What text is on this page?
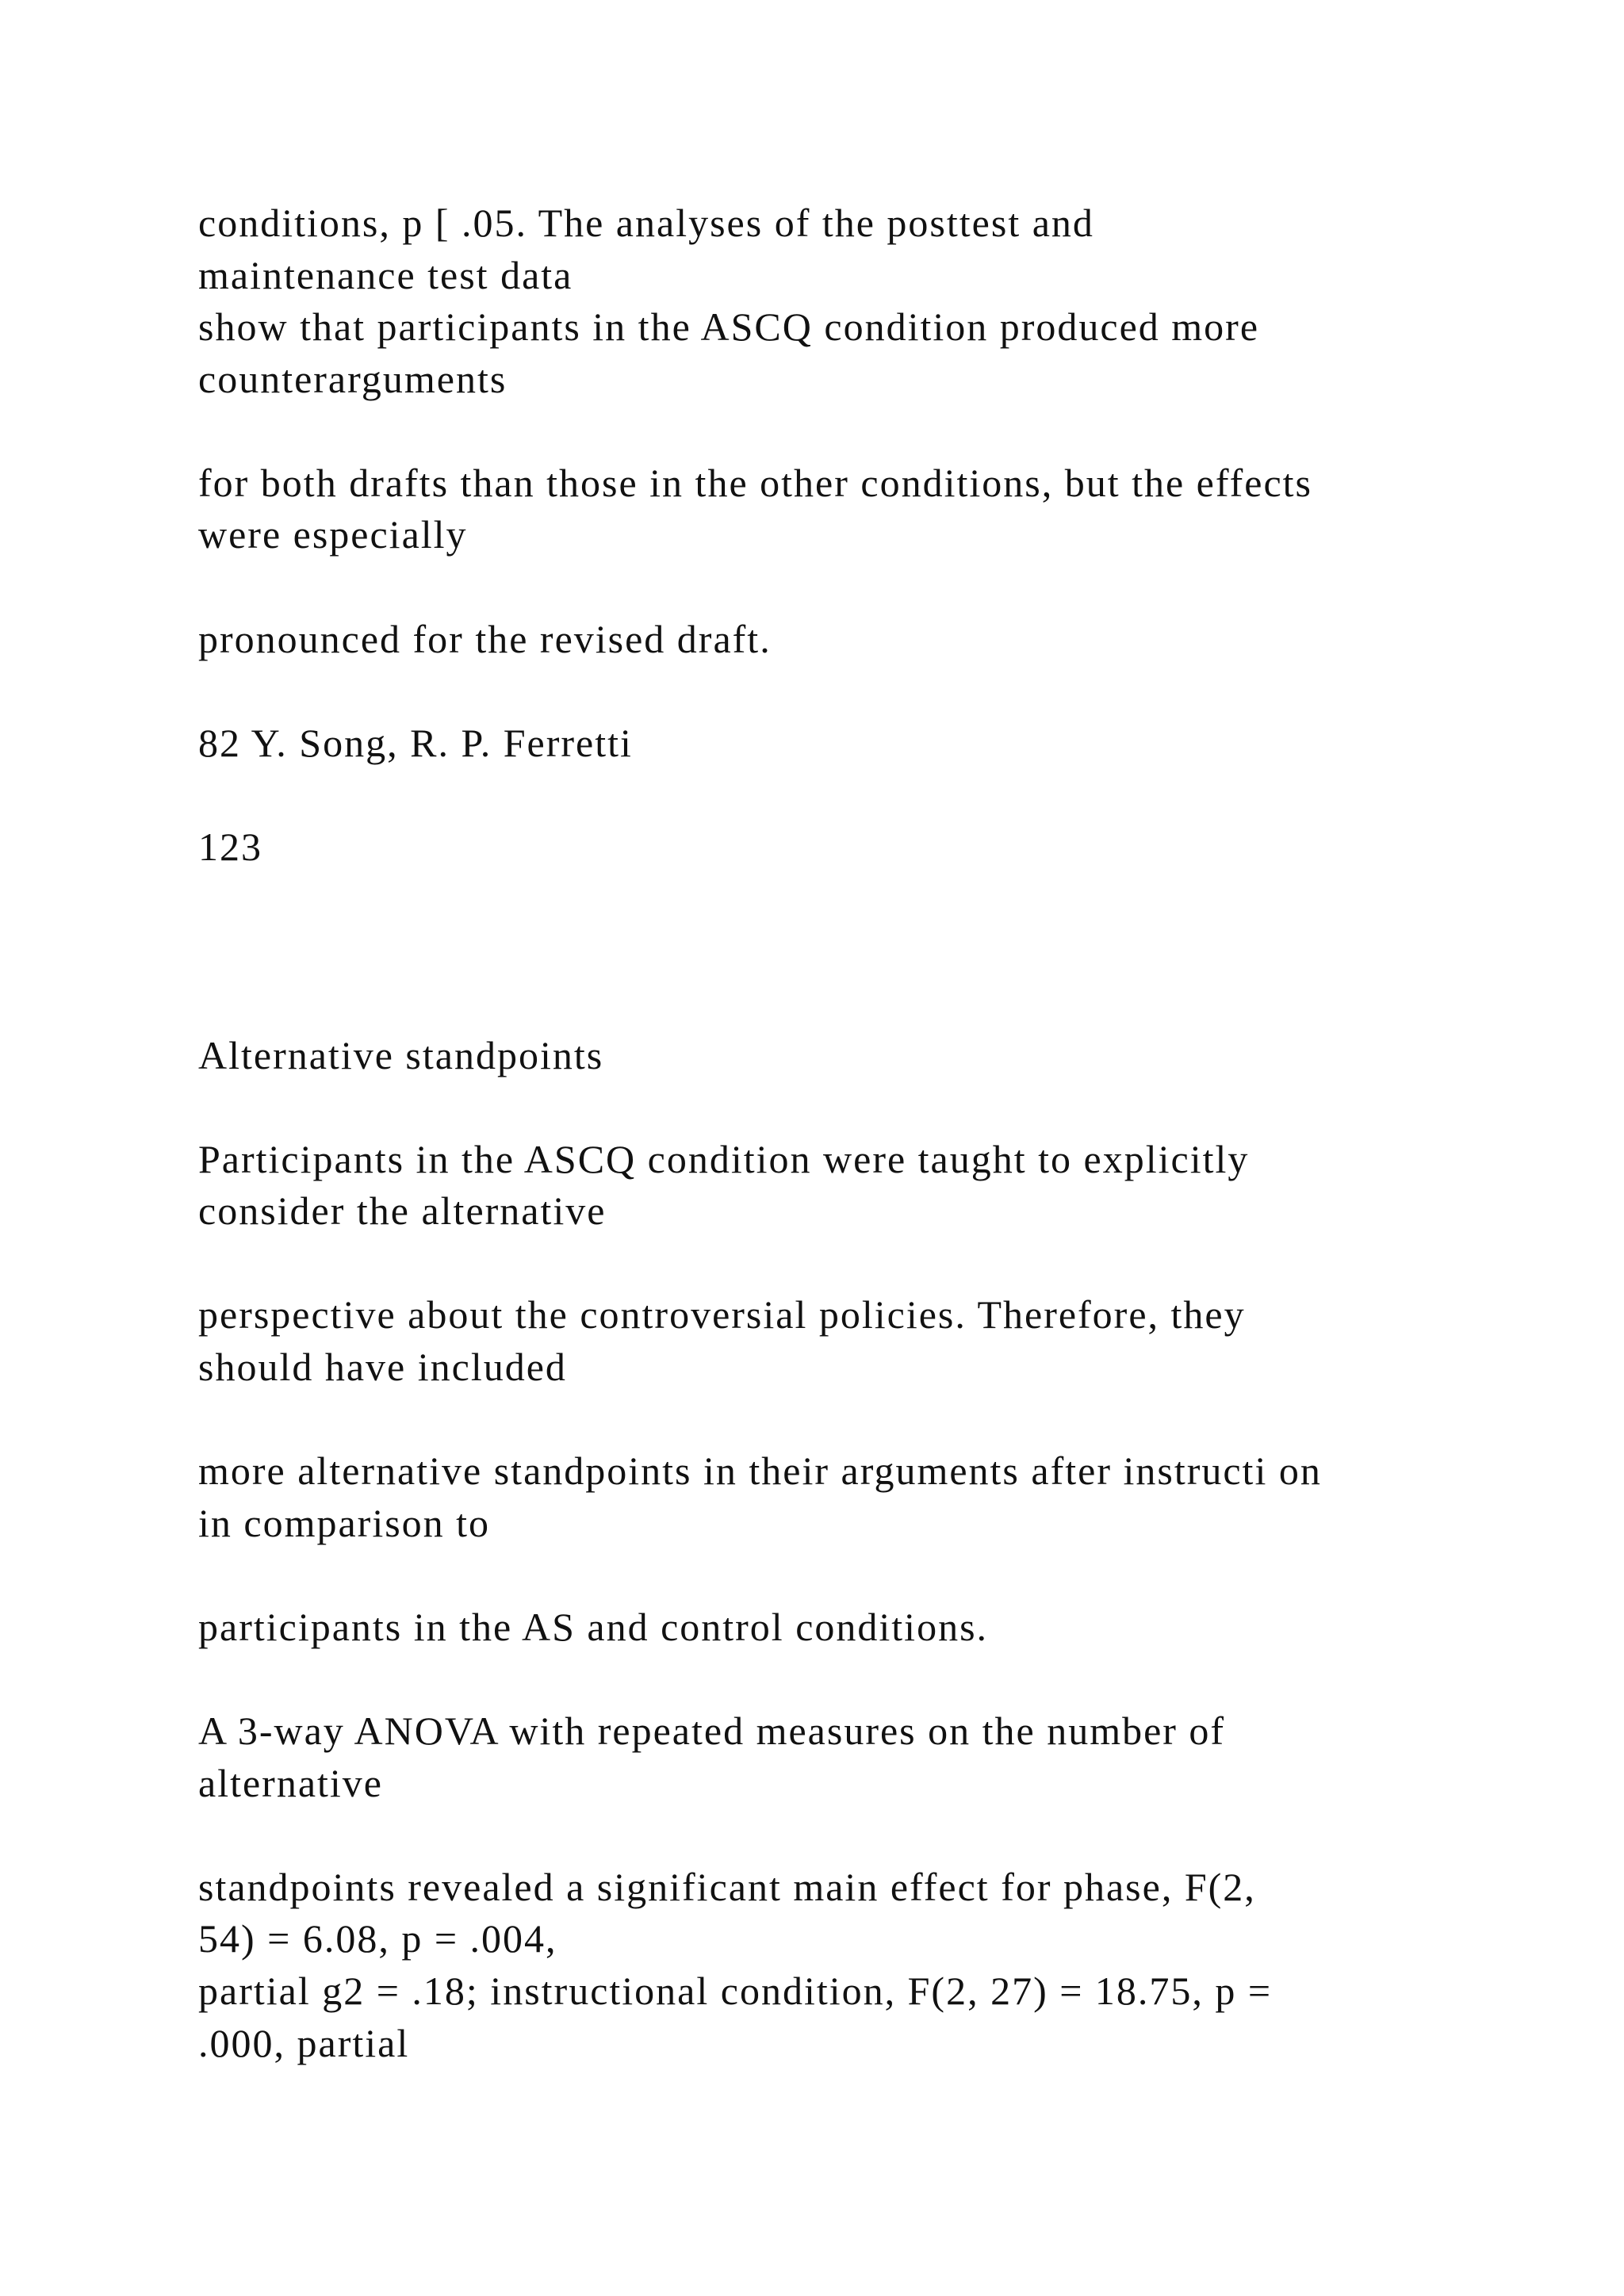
conditions, p [ .05. The analyses of the posttest and

maintenance test data

show that participants in the ASCQ condition produced more

counterarguments

for both drafts than those in the other conditions, but the effects

were especially

pronounced for the revised draft.

82 Y. Song, R. P. Ferretti

123

Alternative standpoints

Participants in the ASCQ condition were taught to explicitly

consider the alternative

perspective about the controversial policies. Therefore, they

should have included

more alternative standpoints in their arguments after instructi on

in comparison to

participants in the AS and control conditions.

A 3-way ANOVA with repeated measures on the number of

alternative

standpoints revealed a significant main effect for phase, F(2,

54) = 6.08, p = .004,

partial g2 = .18; instructional condition, F(2, 27) = 18.75, p =

.000, partial
